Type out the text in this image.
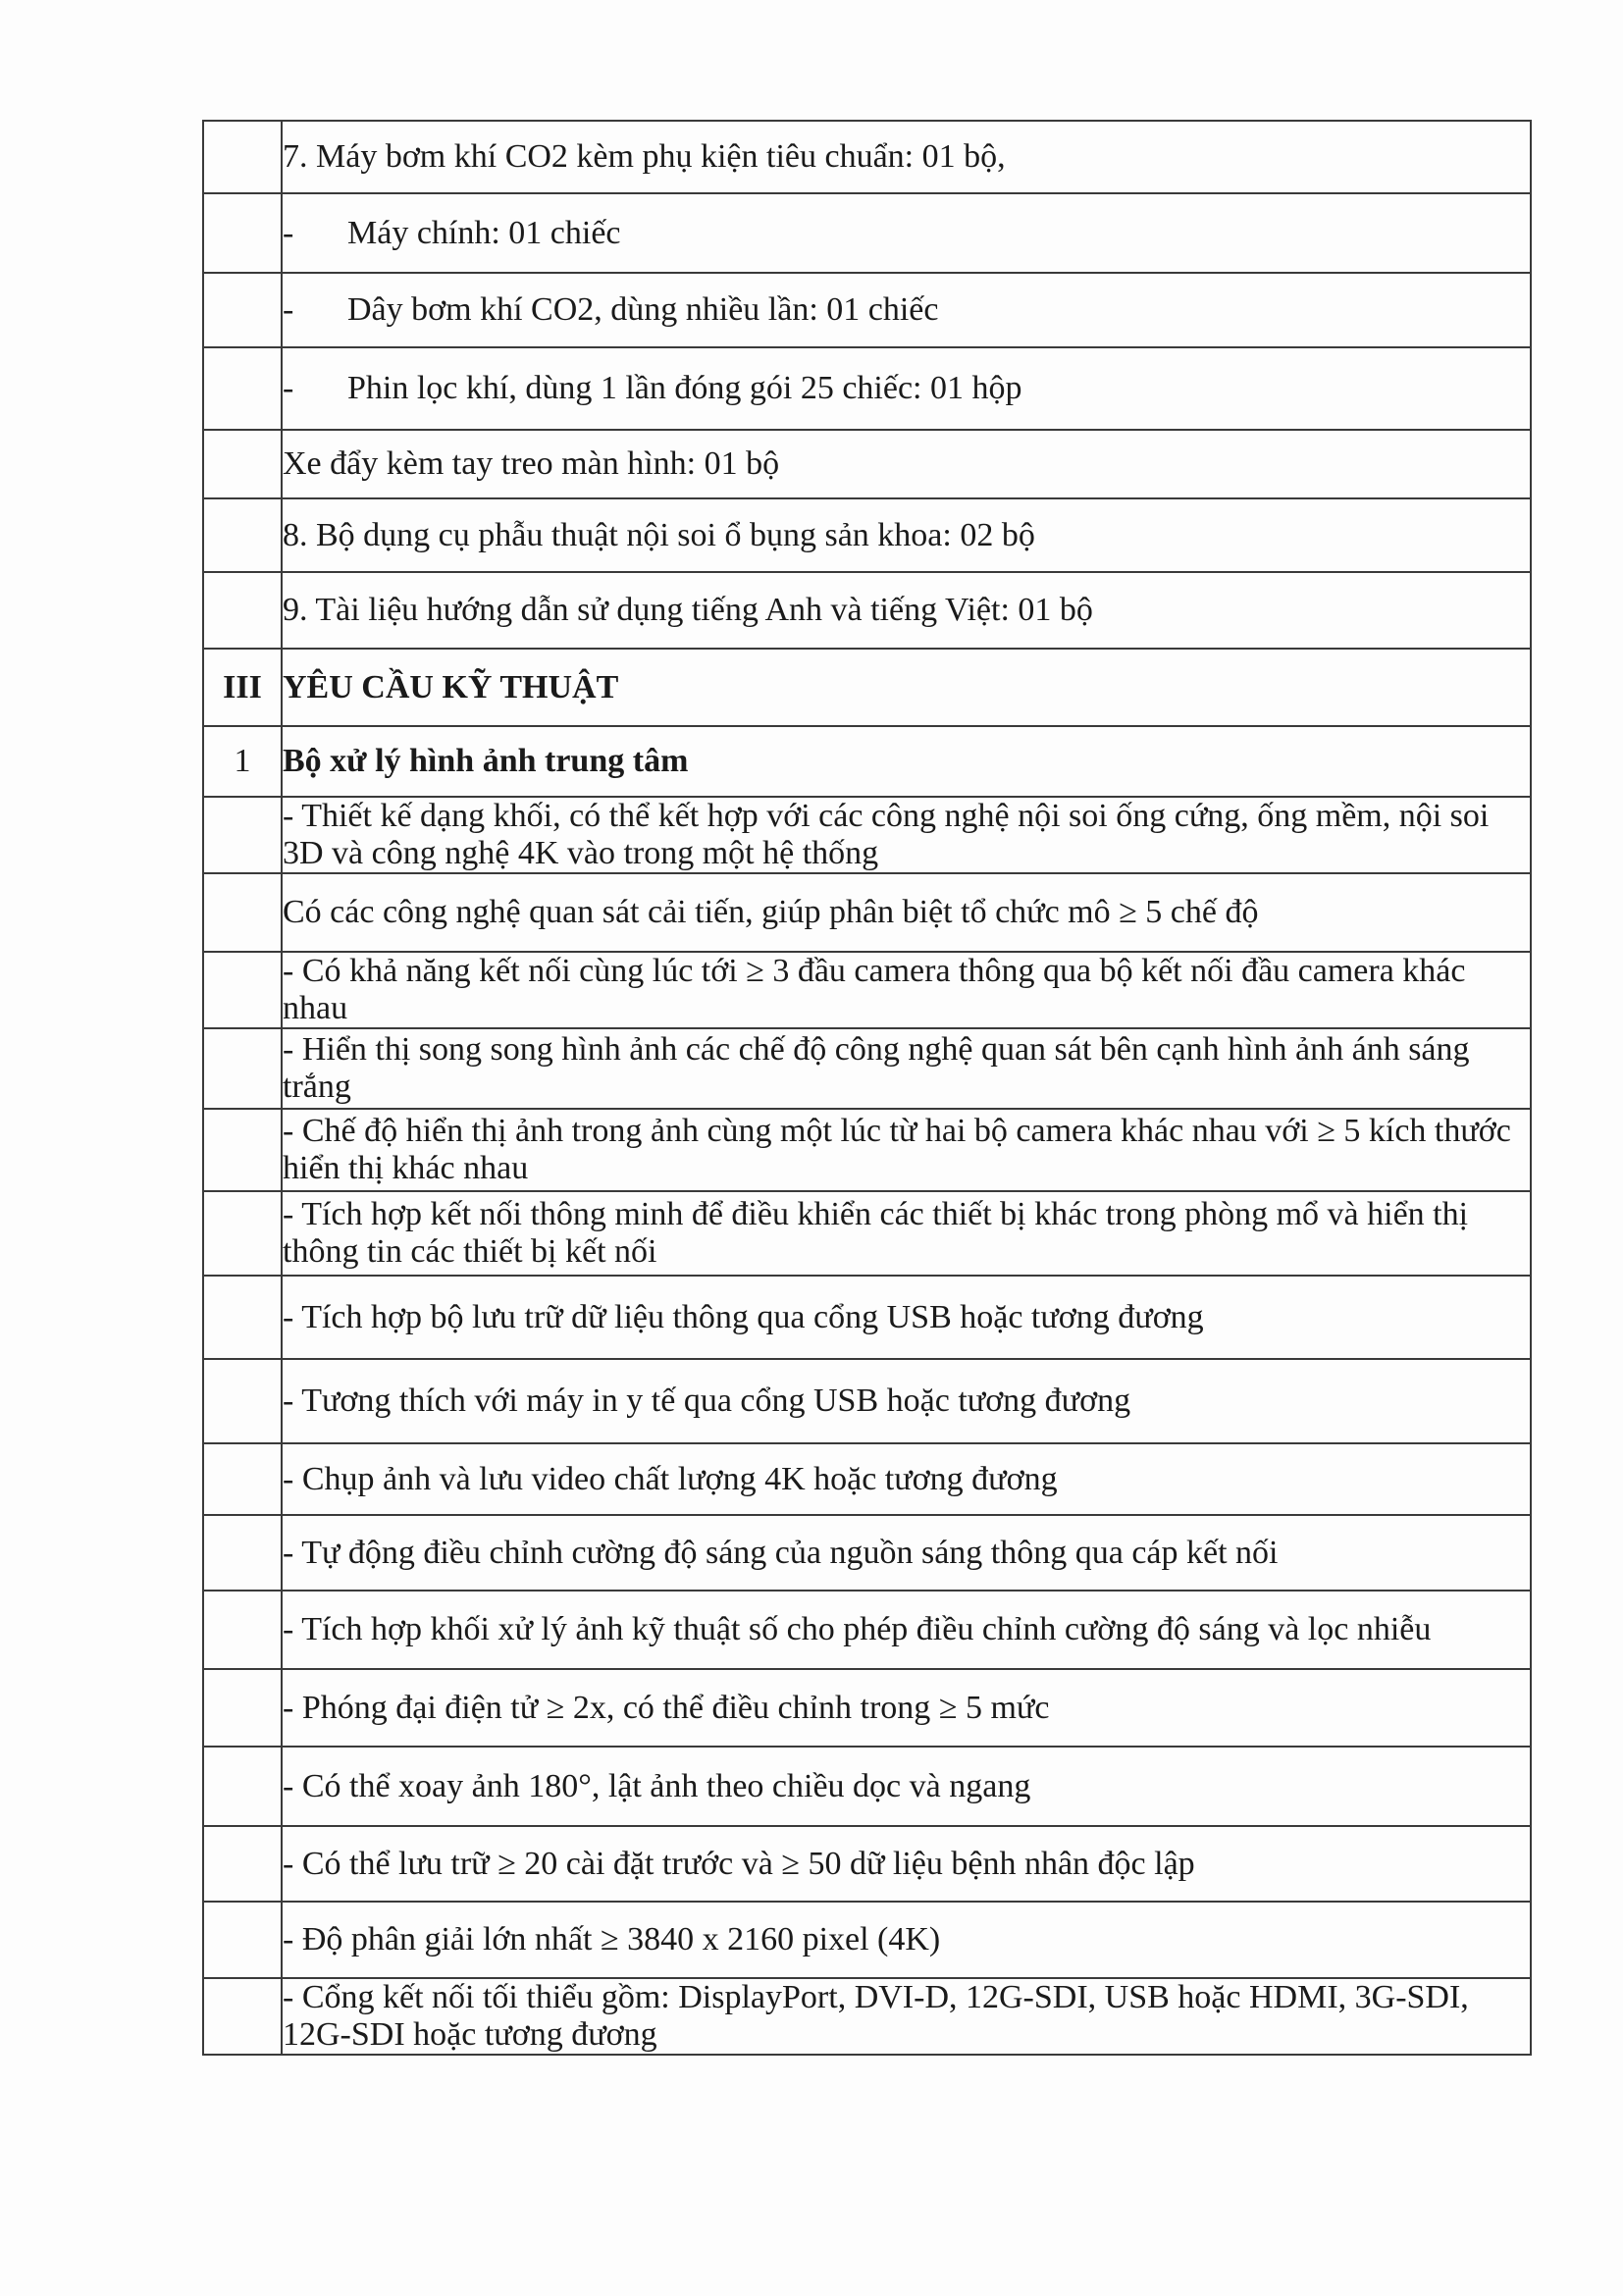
	7. Máy bơm khí CO2 kèm phụ kiện tiêu chuẩn: 01 bộ,

	- Máy chính: 01 chiếc
	- Dây bơm khí CO2, dùng nhiều lần: 01 chiếc
	- Phin lọc khí, dùng 1 lần đóng gói 25 chiếc: 01 hộp

	Xe đẩy kèm tay treo màn hình: 01 bộ

	8. Bộ dụng cụ phẫu thuật nội soi ổ bụng sản khoa: 02 bộ

	9. Tài liệu hướng dẫn sử dụng tiếng Anh và tiếng Việt: 01 bộ

III	YÊU CẦU KỸ THUẬT

1	Bộ xử lý hình ảnh trung tâm

	- Thiết kế dạng khối, có thể kết hợp với các công nghệ nội soi ống cứng, ống mềm, nội soi 3D và công nghệ 4K vào trong một hệ thống

	Có các công nghệ quan sát cải tiến, giúp phân biệt tổ chức mô ≥ 5 chế độ

	- Có khả năng kết nối cùng lúc tới ≥ 3 đầu camera thông qua bộ kết nối đầu camera khác nhau

	- Hiển thị song song hình ảnh các chế độ công nghệ quan sát bên cạnh hình ảnh ánh sáng trắng

	- Chế độ hiển thị ảnh trong ảnh cùng một lúc từ hai bộ camera khác nhau với ≥ 5 kích thước hiển thị khác nhau

	- Tích hợp kết nối thông minh để điều khiển các thiết bị khác trong phòng mổ và hiển thị thông tin các thiết bị kết nối

	- Tích hợp bộ lưu trữ dữ liệu thông qua cổng USB hoặc tương đương

	- Tương thích với máy in y tế qua cổng USB hoặc tương đương

	- Chụp ảnh và lưu video chất lượng 4K hoặc tương đương

	- Tự động điều chỉnh cường độ sáng của nguồn sáng thông qua cáp kết nối

	- Tích hợp khối xử lý ảnh kỹ thuật số cho phép điều chỉnh cường độ sáng và lọc nhiễu

	- Phóng đại điện tử ≥ 2x, có thể điều chỉnh trong ≥ 5 mức

	- Có thể xoay ảnh 180°, lật ảnh theo chiều dọc và ngang

	- Có thể lưu trữ ≥ 20 cài đặt trước và ≥ 50 dữ liệu bệnh nhân độc lập

	- Độ phân giải lớn nhất ≥ 3840 x 2160 pixel (4K)

	- Cổng kết nối tối thiểu gồm: DisplayPort, DVI-D, 12G-SDI, USB hoặc HDMI, 3G-SDI, 12G-SDI hoặc tương đương
